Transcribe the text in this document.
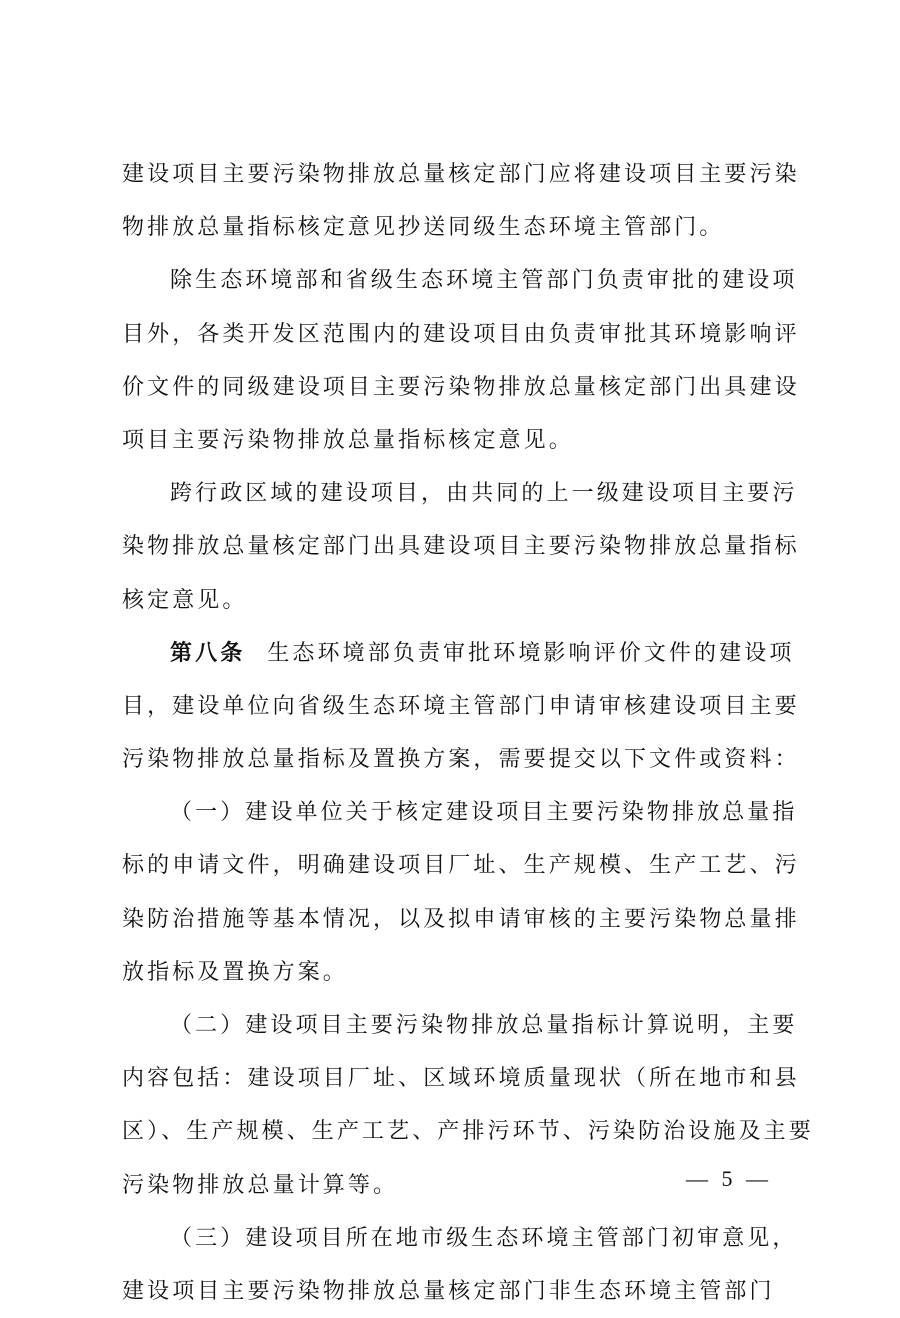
建设项目主要污染物排放总量核定部门应将建设项目主要污染
物排放总量指标核定意见抄送同级生态环境主管部门。
除生态环境部和省级生态环境主管部门负责审批的建设项
目外，各类开发区范围内的建设项目由负责审批其环境影响评
价文件的同级建设项目主要污染物排放总量核定部门出具建设
项目主要污染物排放总量指标核定意见。
跨行政区域的建设项目，由共同的上一级建设项目主要污
染物排放总量核定部门出具建设项目主要污染物排放总量指标
核定意见。
第八条 生态环境部负责审批环境影响评价文件的建设项
目，建设单位向省级生态环境主管部门申请审核建设项目主要
污染物排放总量指标及置换方案，需要提交以下文件或资料：
（一）建设单位关于核定建设项目主要污染物排放总量指
标的申请文件，明确建设项目厂址、生产规模、生产工艺、污
染防治措施等基本情况，以及拟申请审核的主要污染物总量排
放指标及置换方案。
（二）建设项目主要污染物排放总量指标计算说明，主要
内容包括：建设项目厂址、区域环境质量现状（所在地市和县
区）、生产规模、生产工艺、产排污环节、污染防治设施及主要
污染物排放总量计算等。
（三）建设项目所在地市级生态环境主管部门初审意见，
建设项目主要污染物排放总量核定部门非生态环境主管部门
— 5 —
